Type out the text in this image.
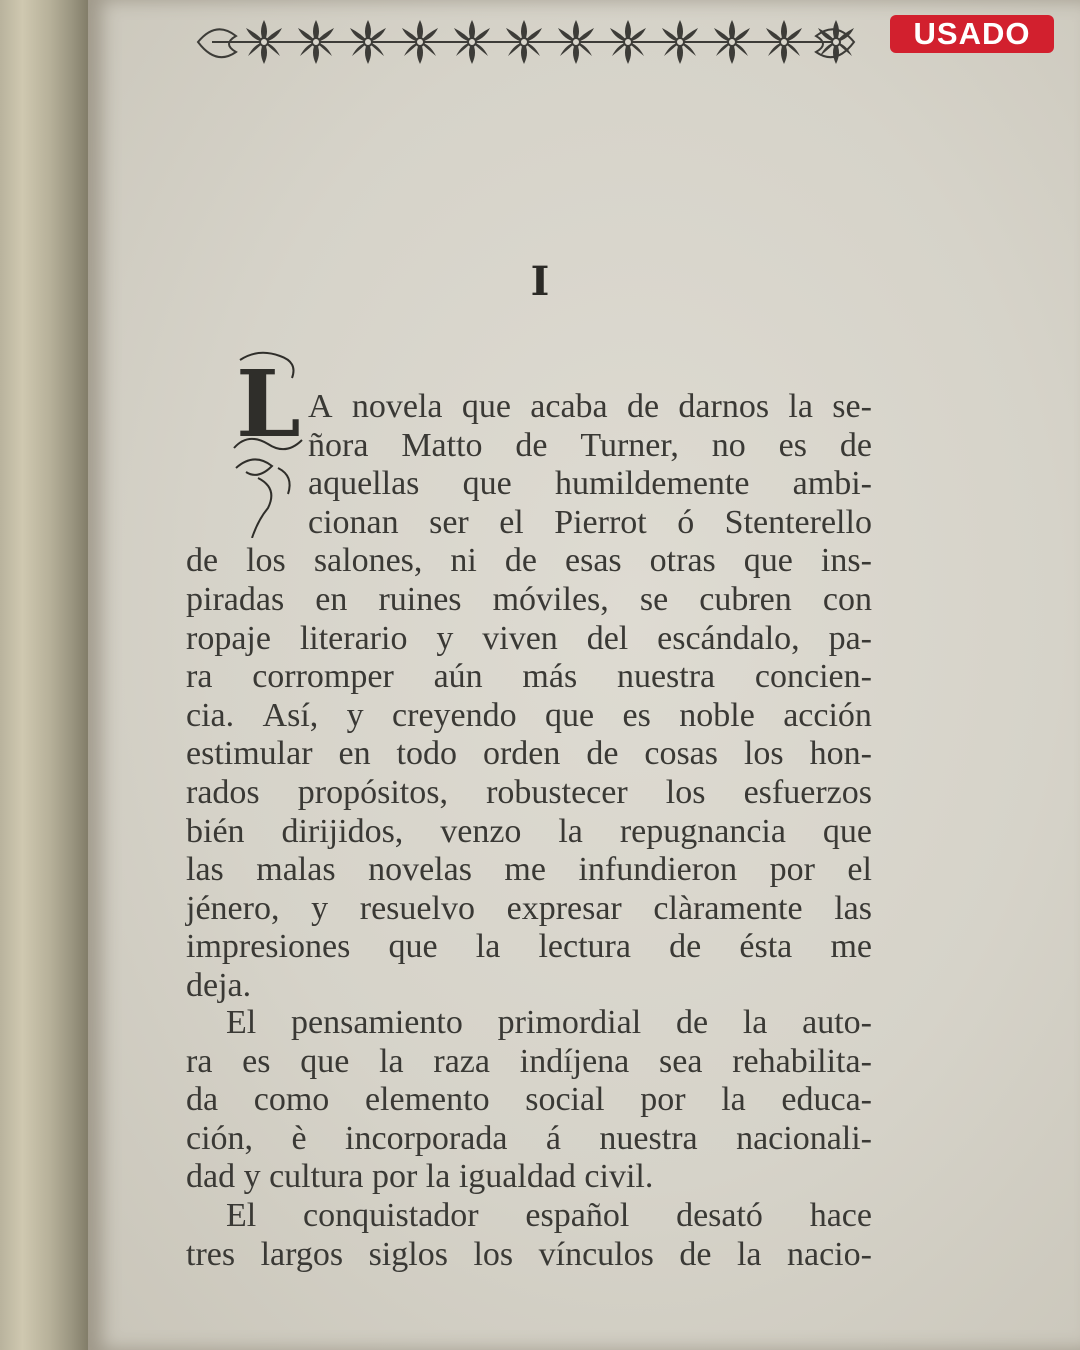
USADO
I
L A novela que acaba de darnos la se-
ñora Matto de Turner, no es de
aquellas que humildemente ambi-
cionan ser el Pierrot ó Stenterello
de los salones, ni de esas otras que ins-
piradas en ruines móviles, se cubren con
ropaje literario y viven del escándalo, pa-
ra corromper aún más nuestra concien-
cia. Así, y creyendo que es noble acción
estimular en todo orden de cosas los hon-
rados propósitos, robustecer los esfuerzos
bién dirijidos, venzo la repugnancia que
las malas novelas me infundieron por el
jénero, y resuelvo expresar clàramente las
impresiones que la lectura de ésta me
deja.
El pensamiento primordial de la auto-
ra es que la raza indíjena sea rehabilita-
da como elemento social por la educa-
ción, è incorporada á nuestra nacionali-
dad y cultura por la igualdad civil.
El conquistador español desató hace
tres largos siglos los vínculos de la nacio-
